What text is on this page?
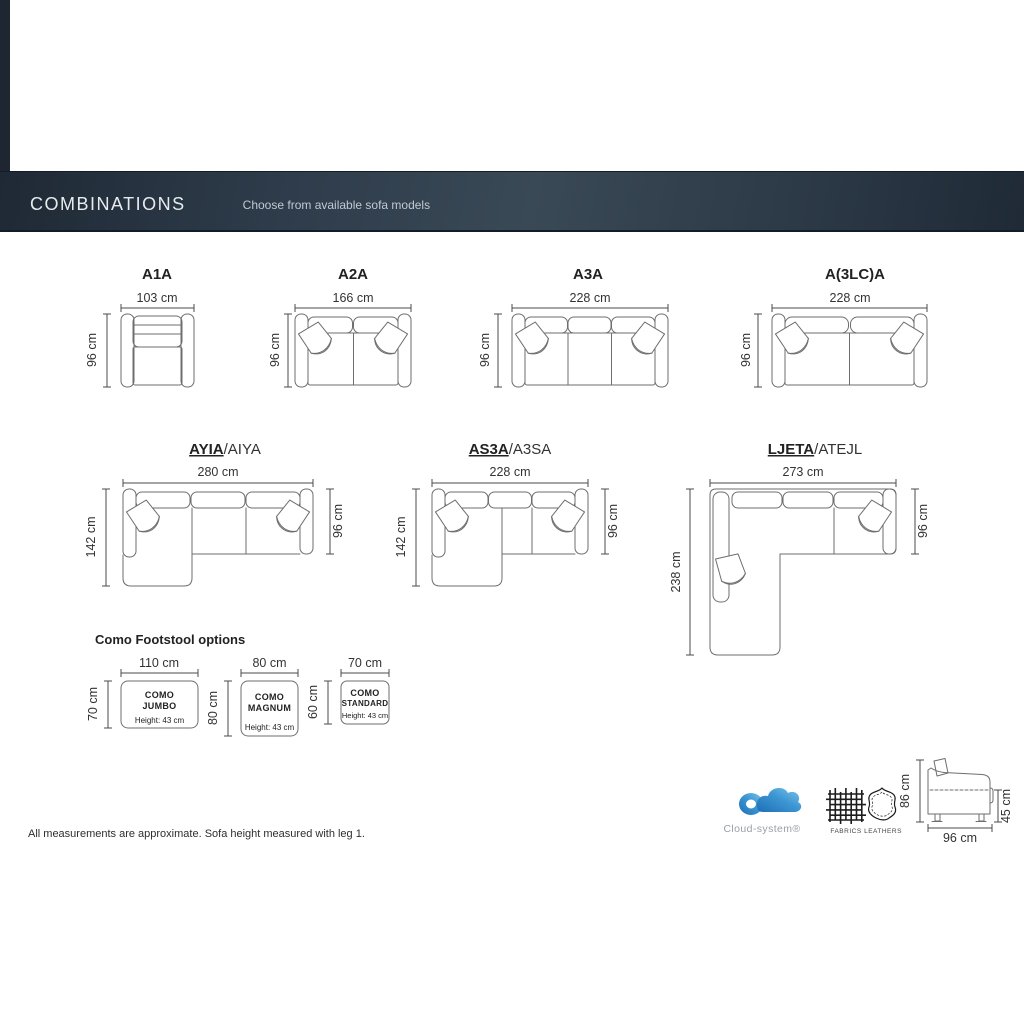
COMBINATIONS	Choose from available sofa models
A1A
103 cm
96 cm
A2A
166 cm
96 cm
A3A
228 cm
96 cm
A(3LC)A
228 cm
96 cm
AYIA/AIYA
280 cm
142 cm	96 cm
AS3A/A3SA
228 cm
142 cm	96 cm
LJETA/ATEJL
273 cm
238 cm
96 cm
Como Footstool options
110 cm
70 cm	COMO
JUMBO
Height: 43 cm
80 cm
80 cm	COMO
MAGNUM
Height: 43 cm
70 cm
60 cm	COMO
STANDARD
Height: 43 cm
All measurements are approximate. Sofa height measured with leg 1.	Cloud-system®	FABRICS LEATHERS
86 cm	45 cm
96 cm
